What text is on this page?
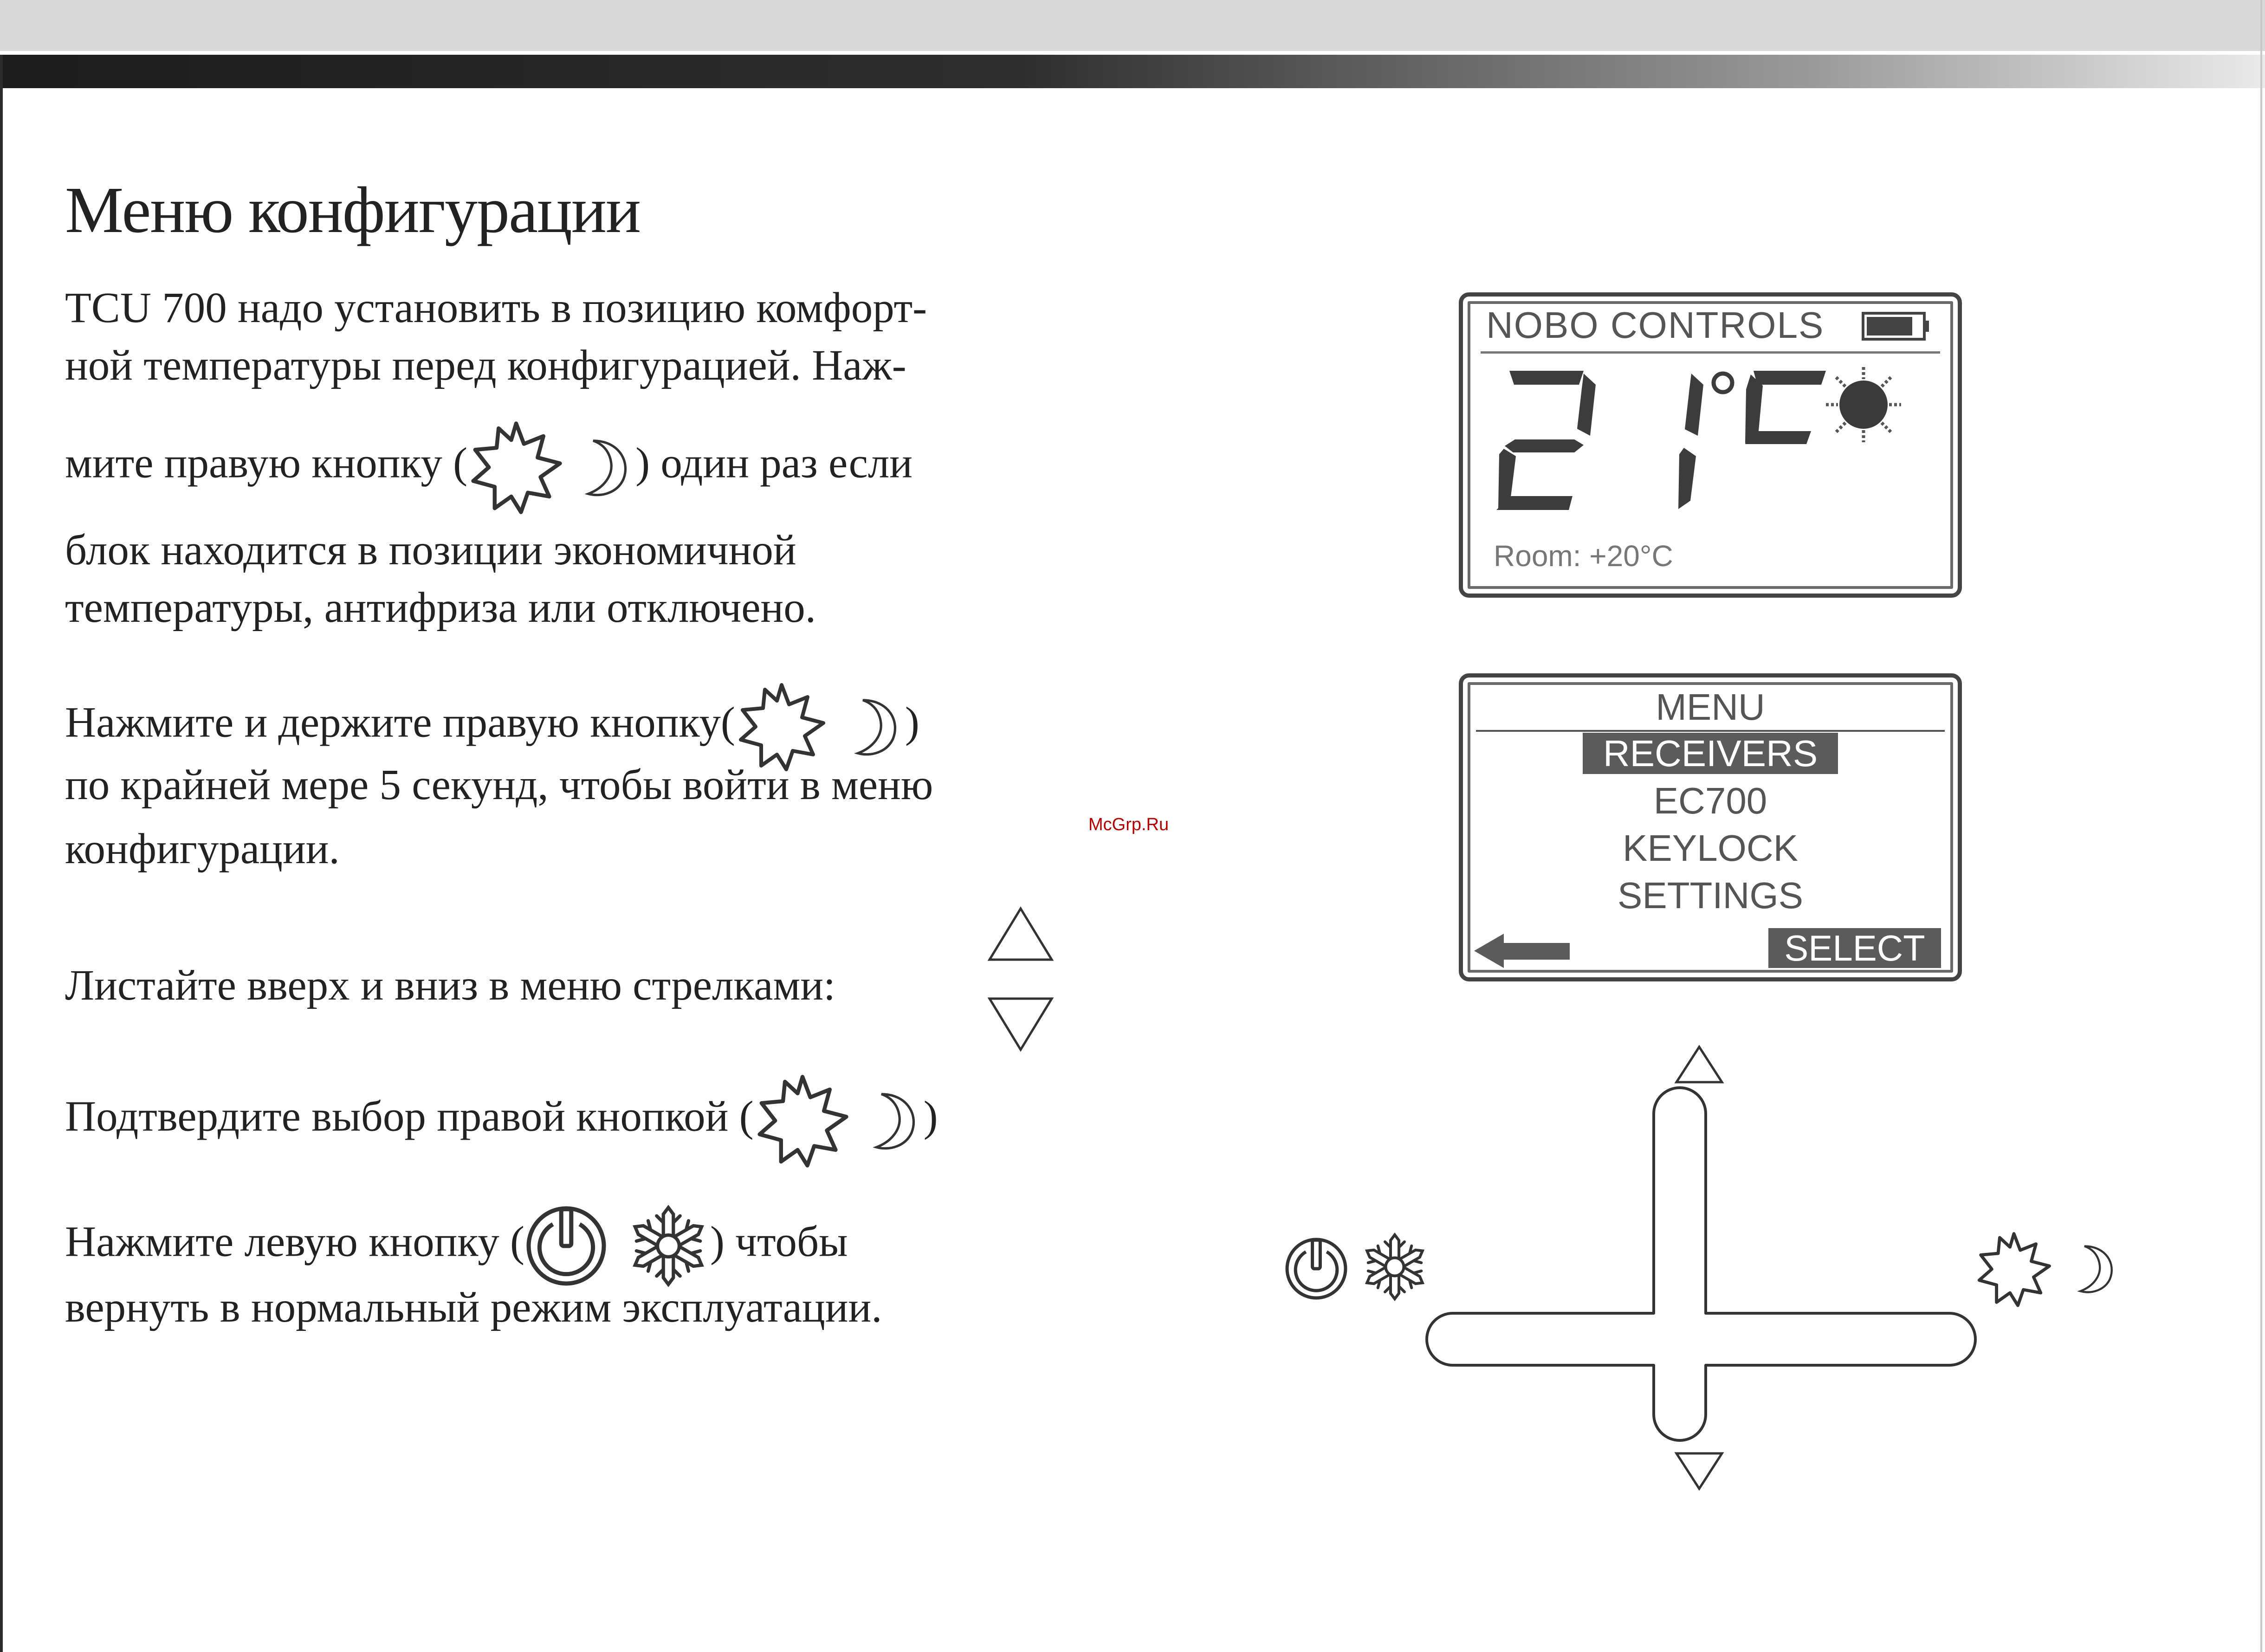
Меню конфигурации
TCU 700 надо установить в позицию комфорт-
ной температуры перед конфигурацией. Наж-
мите правую кнопку (	) один раз если
блок находится в позиции экономичной
температуры, антифриза или отключено.
Нажмите и держите правую кнопку(	)
по крайней мере 5 секунд, чтобы войти в меню
конфигурации.
Листайте вверх и вниз в меню стрелками:
Подтвердите выбор правой кнопкой (	)
Нажмите левую кнопку (	) чтобы
вернуть в нормальный режим эксплуатации.
McGrp.Ru
NOBO CONTROLS
Room: +20°C
MENU
RECEIVERS
EC700
KEYLOCK
SETTINGS
SELECT
